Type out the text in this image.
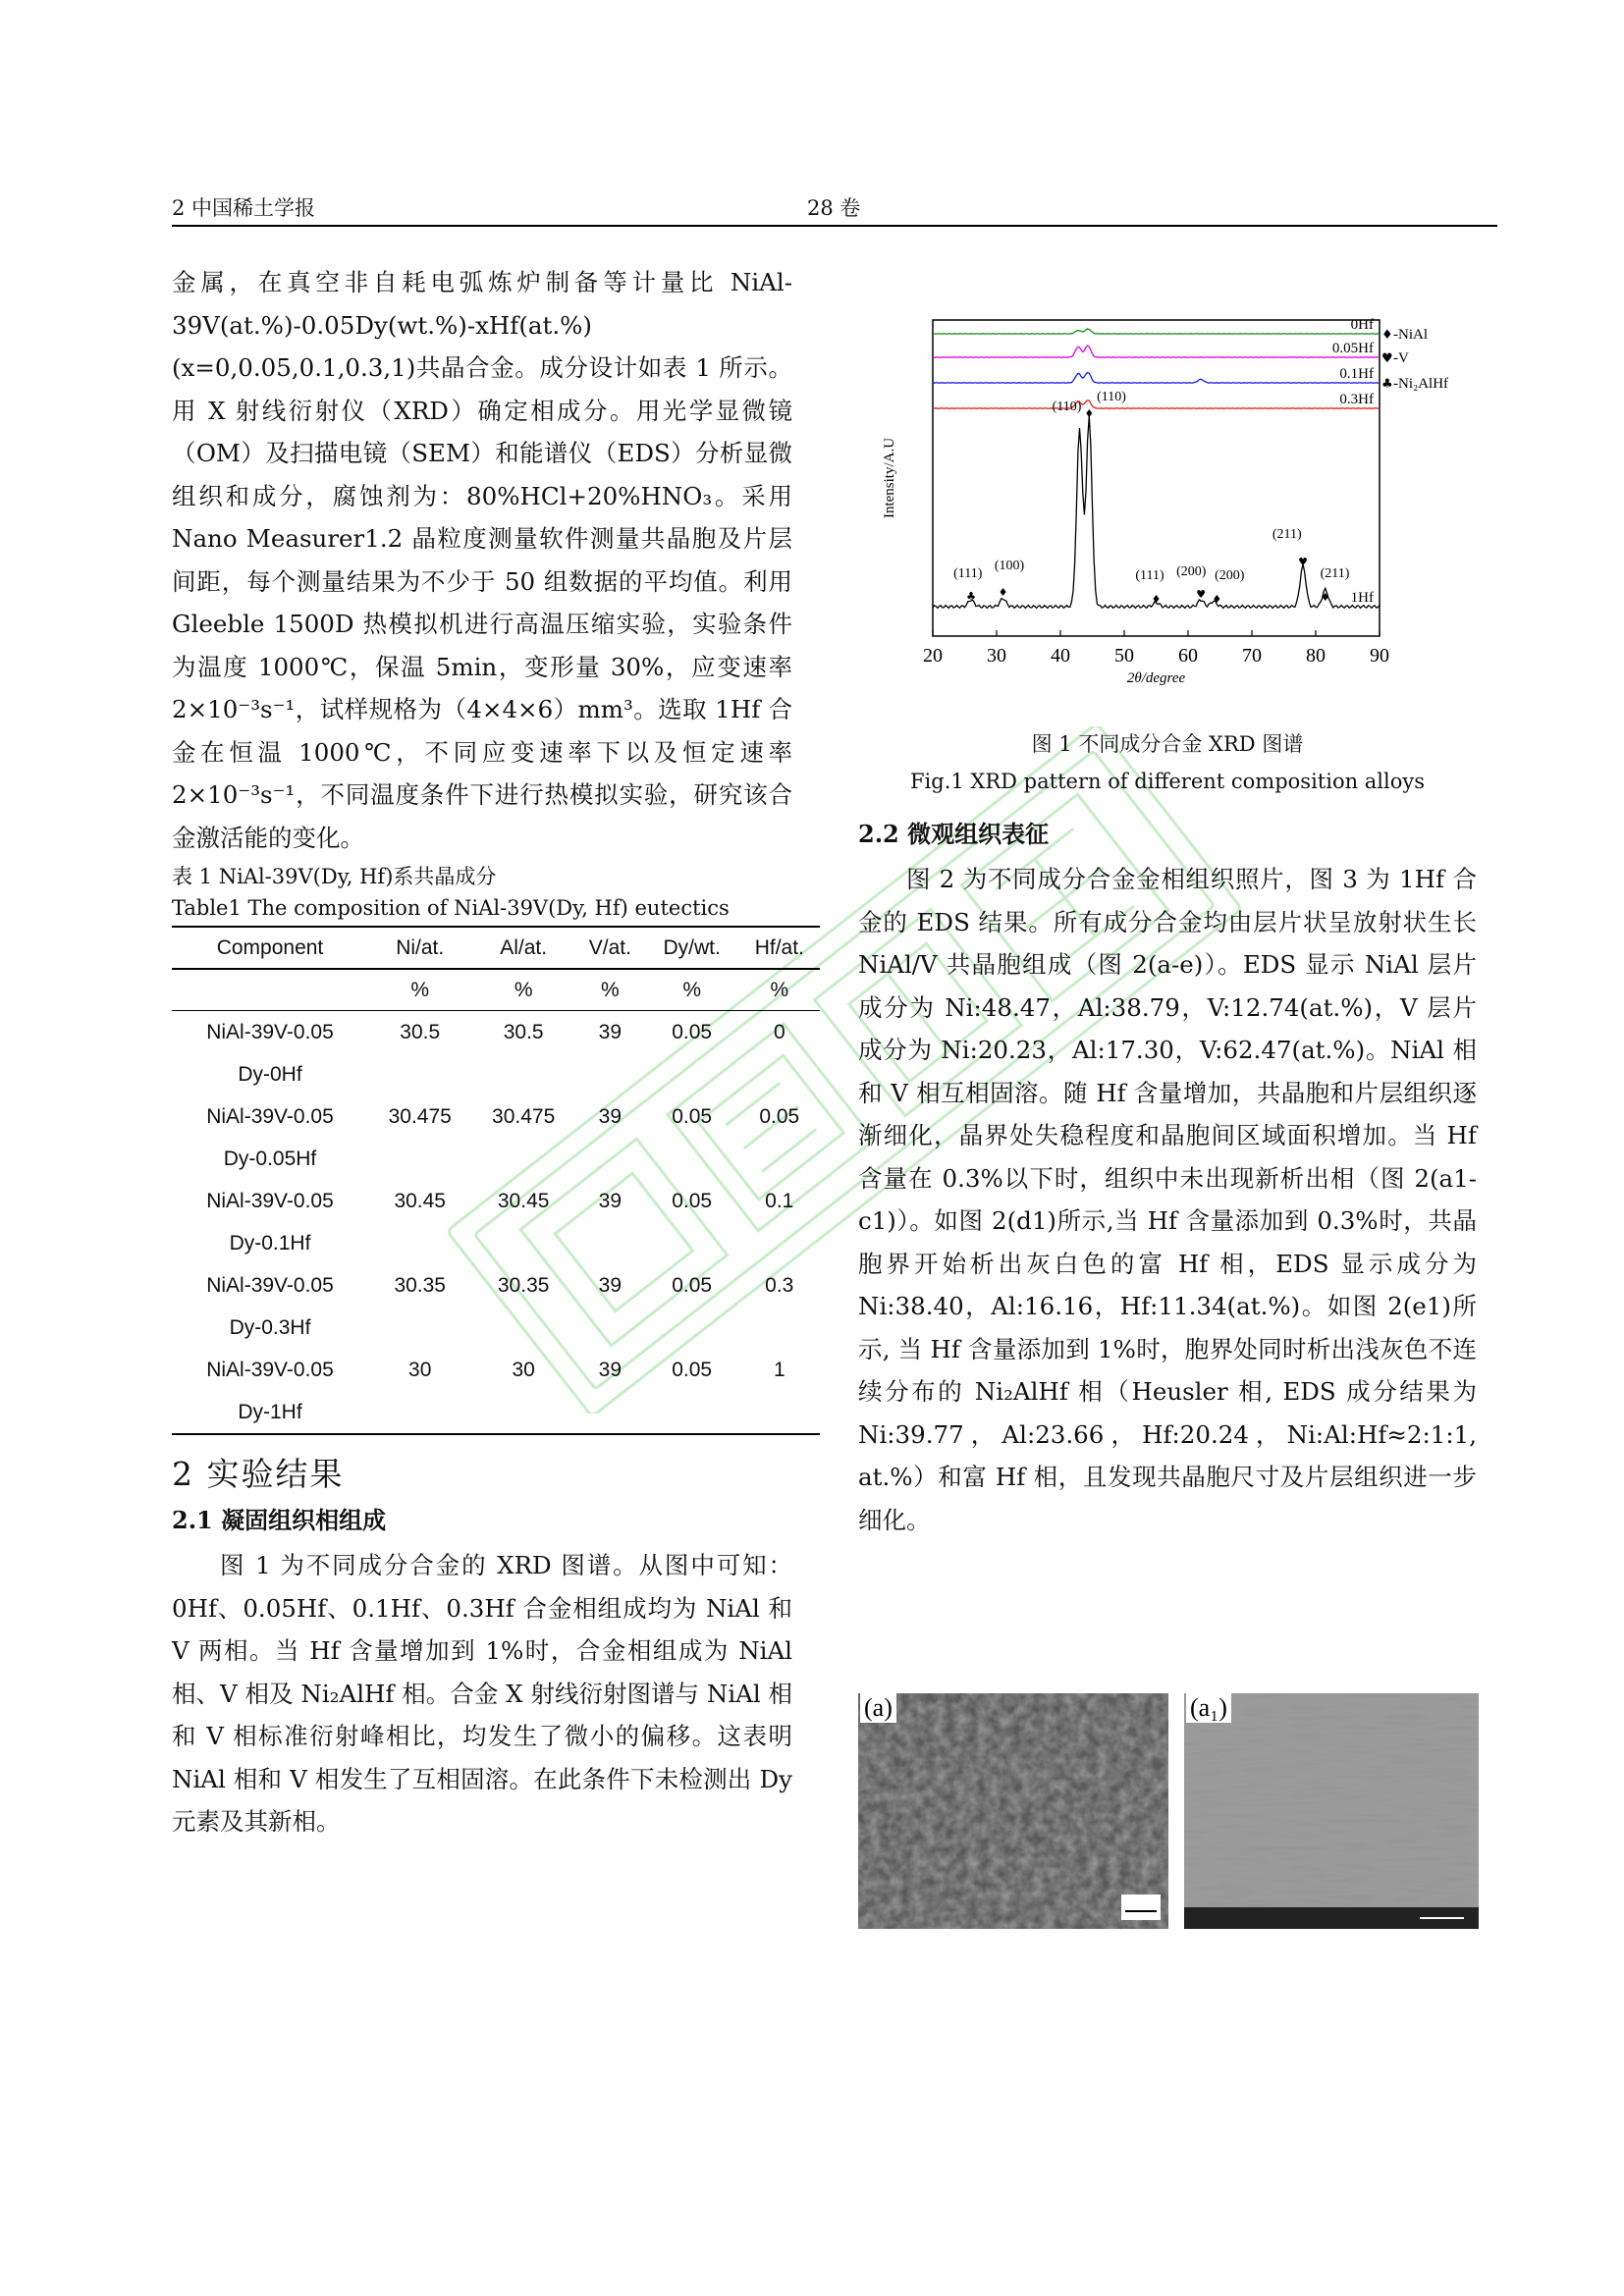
2 中国稀土学报	28 卷

金属，在真空非自耗电弧炼炉制备等计量比 NiAl-39V(at.%)-0.05Dy(wt.%)-xHf(at.%)(x=0,0.05,0.1,0.3,1)共晶合金。成分设计如表 1 所示。用 X 射线衍射仪（XRD）确定相成分。用光学显微镜（OM）及扫描电镜（SEM）和能谱仪（EDS）分析显微组织和成分，腐蚀剂为：80%HCl+20%HNO₃。采用 Nano Measurer1.2 晶粒度测量软件测量共晶胞及片层间距，每个测量结果为不少于 50 组数据的平均值。利用 Gleeble 1500D 热模拟机进行高温压缩实验，实验条件为温度 1000℃，保温 5min，变形量 30%，应变速率 2×10⁻³s⁻¹，试样规格为（4×4×6）mm³。选取 1Hf 合金在恒温 1000℃，不同应变速率下以及恒定速率 2×10⁻³s⁻¹，不同温度条件下进行热模拟实验，研究该合金激活能的变化。

表 1 NiAl-39V(Dy, Hf)系共晶成分

Table1 The composition of NiAl-39V(Dy, Hf) eutectics

Component	Ni/at.	Al/at.	V/at.	Dy/wt.	Hf/at.
	%	%	%	%	%
NiAl-39V-0.05
Dy-0Hf	30.5	30.5	39	0.05	0
NiAl-39V-0.05
Dy-0.05Hf	30.475	30.475	39	0.05	0.05
NiAl-39V-0.05
Dy-0.1Hf	30.45	30.45	39	0.05	0.1
NiAl-39V-0.05
Dy-0.3Hf	30.35	30.35	39	0.05	0.3
NiAl-39V-0.05
Dy-1Hf	30	30	39	0.05	1
2 实验结果
2.1 凝固组织相组成

图 1 为不同成分合金的 XRD 图谱。从图中可知： 0Hf、0.05Hf、0.1Hf、0.3Hf 合金相组成均为 NiAl 和 V 两相。当 Hf 含量增加到 1%时，合金相组成为 NiAl 相、V 相及 Ni₂AlHf 相。合金 X 射线衍射图谱与 NiAl 相和 V 相标准衍射峰相比，均发生了微小的偏移。这表明 NiAl 相和 V 相发生了互相固溶。在此条件下未检测出 Dy 元素及其新相。

20 30 40 50 60 70 80 90
2θ/degree
Intensity/A.U
0Hf
0.05Hf
0.1Hf
0.3Hf
1Hf
♦ -NiAl
♥ -V
♣ -Ni₂AlHf
(111)
(100)
(110)
(110)
(111) (200) (200)
(211)
(211)
♣ ♦
♦
♦	♥ ♦
♥
♦
图 1 不同成分合金 XRD 图谱
Fig.1 XRD pattern of different composition alloys
2.2 微观组织表征

图 2 为不同成分合金金相组织照片，图 3 为 1Hf 合金的 EDS 结果。所有成分合金均由层片状呈放射状生长 NiAl/V 共晶胞组成（图 2(a-e)）。EDS 显示 NiAl 层片成分为 Ni:48.47，Al:38.79，V:12.74(at.%)，V 层片成分为 Ni:20.23，Al:17.30，V:62.47(at.%)。NiAl 相和 V 相互相固溶。随 Hf 含量增加，共晶胞和片层组织逐渐细化，晶界处失稳程度和晶胞间区域面积增加。当 Hf 含量在 0.3%以下时，组织中未出现新析出相（图 2(a1-c1)）。如图 2(d1)所示,当 Hf 含量添加到 0.3%时，共晶胞界开始析出灰白色的富 Hf 相，EDS 显示成分为 Ni:38.40，Al:16.16，Hf:11.34(at.%)。如图 2(e1)所示, 当 Hf 含量添加到 1%时，胞界处同时析出浅灰色不连续分布的 Ni₂AlHf 相（Heusler 相, EDS 成分结果为 Ni:39.77，Al:23.66，Hf:20.24，Ni:Al:Hf≈2:1:1, at.%）和富 Hf 相，且发现共晶胞尺寸及片层组织进一步细化。

(a)	(a₁)
